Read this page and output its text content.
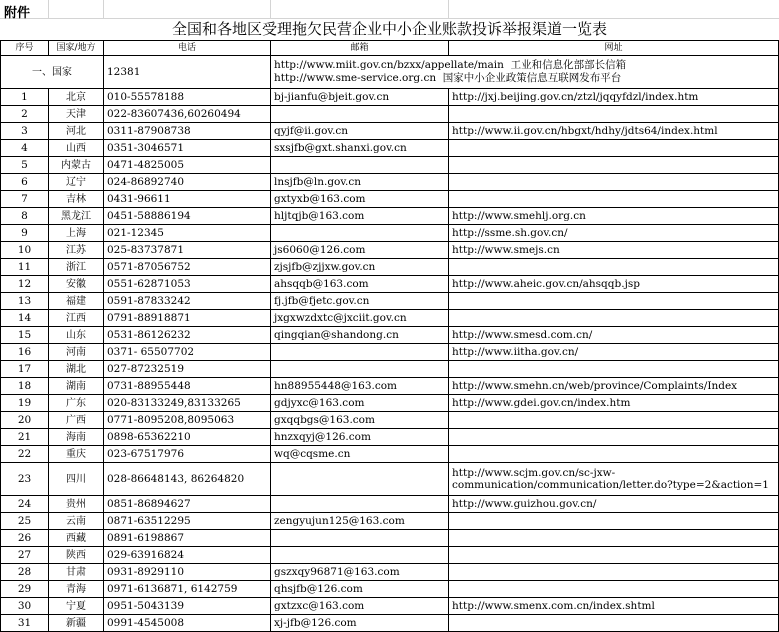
附件
全国和各地区受理拖欠民营企业中小企业账款投诉举报渠道一览表
序号	国家/地方	电话	邮箱	网址
一、国家		12381	http://www.miit.gov.cn/bzxx/appellate/main 工业和信息化部部长信箱
http://www.sme-service.org.cn 国家中小企业政策信息互联网发布平台	

1	北京	010-55578188	bj-jianfu@bjeit.gov.cn	http://jxj.beijing.gov.cn/ztzl/jqqyfdzl/index.htm
2	天津	022-83607436,60260494		
3	河北	0311-87908738	qyjf@ii.gov.cn	http://www.ii.gov.cn/hbgxt/hdhy/jdts64/index.html
4	山西	0351-3046571	sxsjfb@gxt.shanxi.gov.cn	
5	内蒙古	0471-4825005		
6	辽宁	024-86892740	lnsjfb@ln.gov.cn	
7	吉林	0431-96611	gxtyxb@163.com	
8	黑龙江	0451-58886194	hljtqjb@163.com	http://www.smehlj.org.cn
9	上海	021-12345		http://ssme.sh.gov.cn/
10	江苏	025-83737871	js6060@126.com	http://www.smejs.cn
11	浙江	0571-87056752	zjsjfb@zjjxw.gov.cn	
12	安徽	0551-62871053	ahsqqb@163.com	http://www.aheic.gov.cn/ahsqqb.jsp
13	福建	0591-87833242	fj.jfb@fjetc.gov.cn	
14	江西	0791-88918871	jxgxwzdxtc@jxciit.gov.cn	
15	山东	0531-86126232	qingqian@shandong.cn	http://www.smesd.com.cn/
16	河南	0371- 65507702		http://www.iitha.gov.cn/
17	湖北	027-87232519		
18	湖南	0731-88955448	hn88955448@163.com	http://www.smehn.cn/web/province/Complaints/Index
19	广东	020-83133249,83133265	gdjyxc@163.com	http://www.gdei.gov.cn/index.htm
20	广西	0771-8095208,8095063	gxqqbgs@163.com	
21	海南	0898-65362210	hnzxqyj@126.com	
22	重庆	023-67517976	wq@cqsme.cn	
23	四川	028-86648143, 86264820		http://www.scjm.gov.cn/sc-jxw-communication/communication/letter.do?type=2&action=1
24	贵州	0851-86894627		http://www.guizhou.gov.cn/
25	云南	0871-63512295	zengyujun125@163.com	
26	西藏	0891-6198867		
27	陕西	029-63916824		
28	甘肃	0931-8929110	gszxqy96871@163.com	
29	青海	0971-6136871, 6142759	qhsjfb@126.com	
30	宁夏	0951-5043139	gxtzxc@163.com	http://www.smenx.com.cn/index.shtml
31	新疆	0991-4545008	xj-jfb@126.com	
